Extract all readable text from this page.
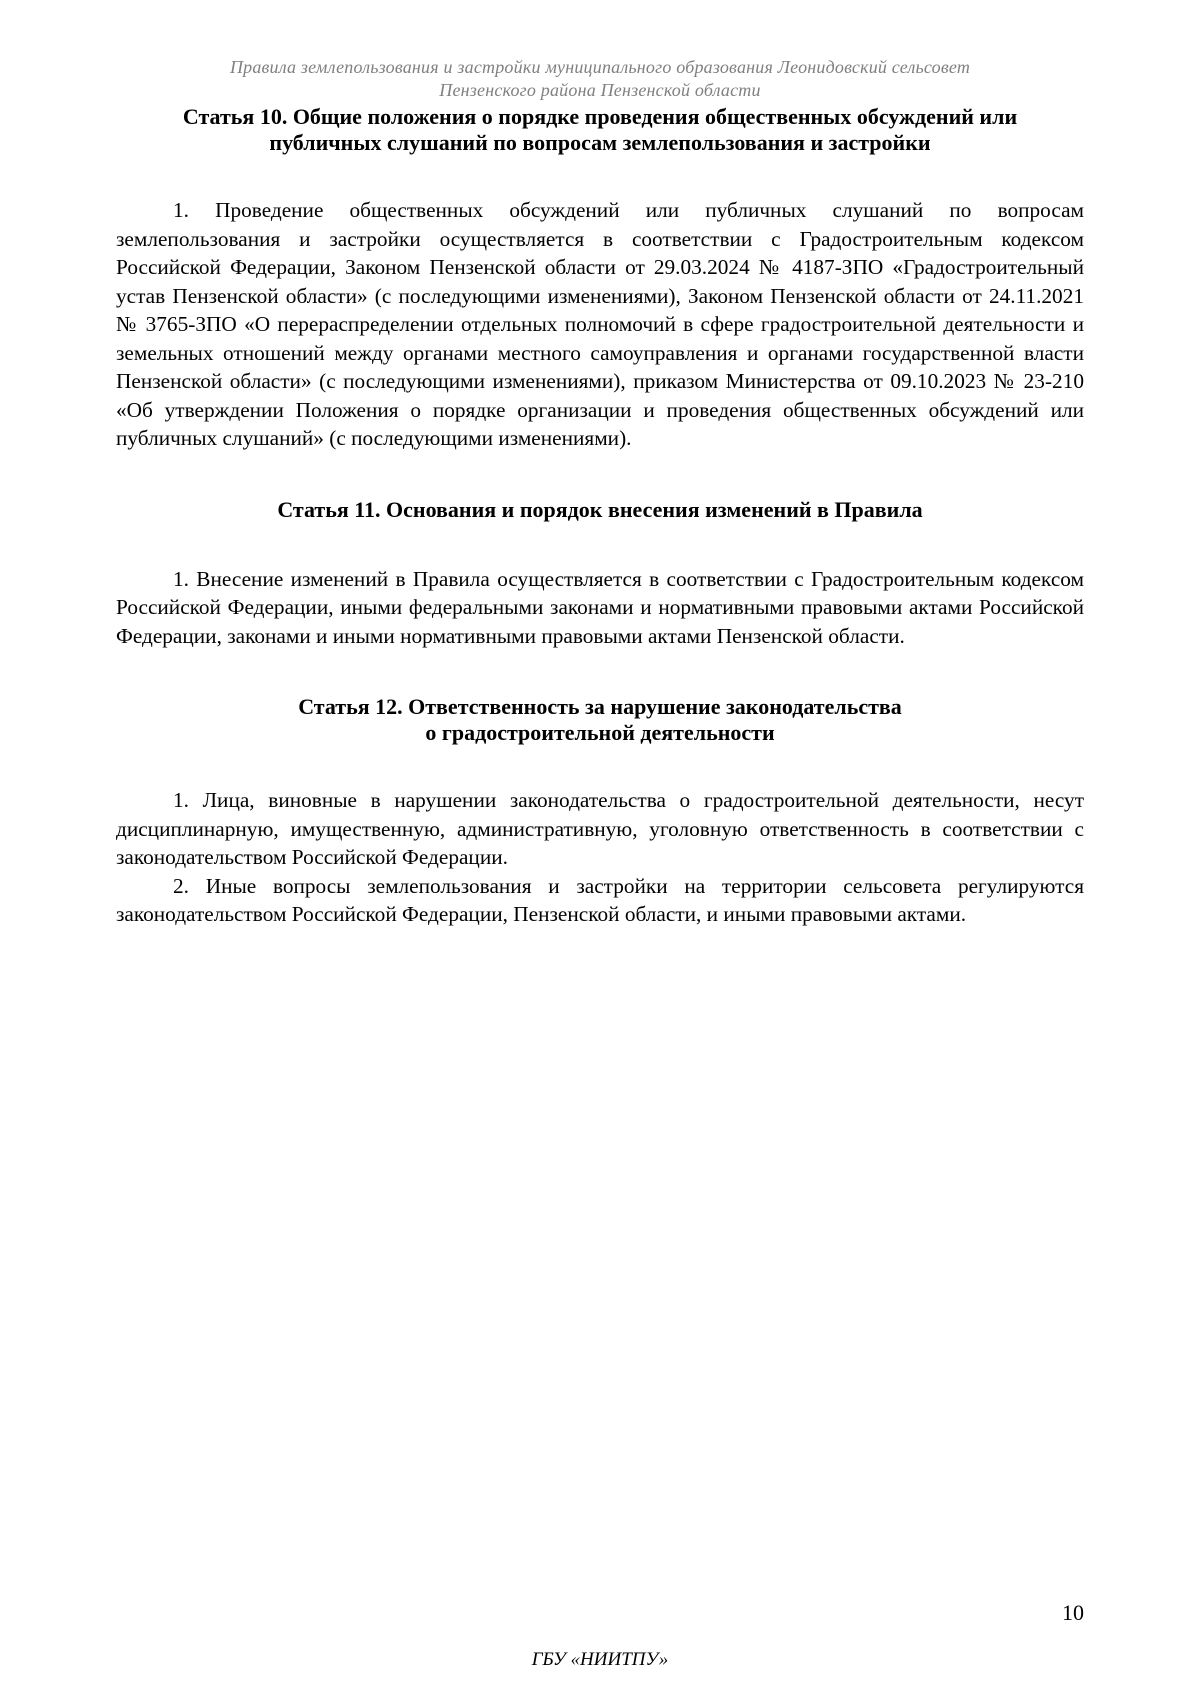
Правила землепользования и застройки муниципального образования Леонидовский сельсовет
Пензенского района Пензенской области
Статья 10. Общие положения о порядке проведения общественных обсуждений или
публичных слушаний по вопросам землепользования и застройки

1. Проведение общественных обсуждений или публичных слушаний по вопросам землепользования и застройки осуществляется в соответствии с Градостроительным кодексом Российской Федерации, Законом Пензенской области от 29.03.2024 № 4187-ЗПО «Градостроительный устав Пензенской области» (с последующими изменениями), Законом Пензенской области от 24.11.2021 № 3765-ЗПО «О перераспределении отдельных полномочий в сфере градостроительной деятельности и земельных отношений между органами местного самоуправления и органами государственной власти Пензенской области» (с последующими изменениями), приказом Министерства от 09.10.2023 № 23-210 «Об утверждении Положения о порядке организации и проведения общественных обсуждений или публичных слушаний» (с последующими изменениями).

Статья 11. Основания и порядок внесения изменений в Правила

1. Внесение изменений в Правила осуществляется в соответствии с Градостроительным кодексом Российской Федерации, иными федеральными законами и нормативными правовыми актами Российской Федерации, законами и иными нормативными правовыми актами Пензенской области.

Статья 12. Ответственность за нарушение законодательства
о градостроительной деятельности

1. Лица, виновные в нарушении законодательства о градостроительной деятельности, несут дисциплинарную, имущественную, административную, уголовную ответственность в соответствии с законодательством Российской Федерации.

2. Иные вопросы землепользования и застройки на территории сельсовета регулируются законодательством Российской Федерации, Пензенской области, и иными правовыми актами.

10
ГБУ «НИИТПУ»
